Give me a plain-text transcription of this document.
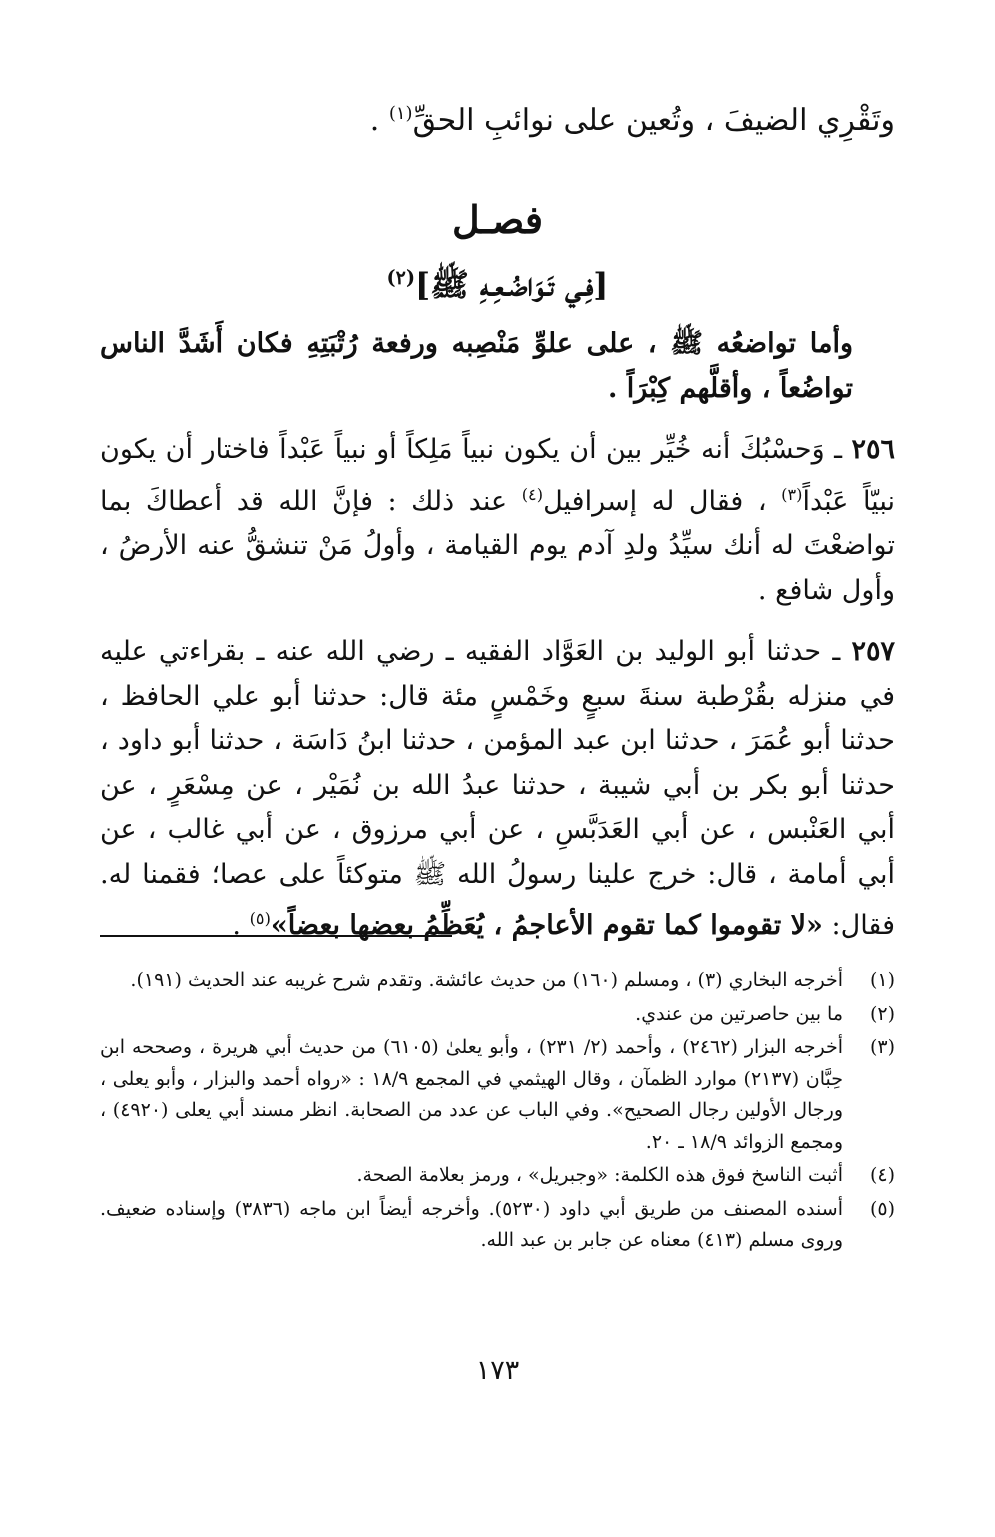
وتَقْرِي الضيفَ ، وتُعين على نوائبِ الحقِّ$^{(١)}$ .

فصـل
[فِـي تَـوَاضُـعِـهِ ﷺ]$^{(٢)}$

وأما تواضعُه ﷺ ، على علوِّ مَنْصِبه ورفعة رُتْبَتِهِ فكان أَشَدَّ الناس تواضُعاً ، وأقلَّهم كِبْرَاً .

٢٥٦ ـ وَحسْبُكَ أنه خُيِّر بين أن يكون نبياً مَلِكاً أو نبياً عَبْداً فاختار أن يكون نبيّاً عَبْداً$^{(٣)}$ ، فقال له إسرافيل$^{(٤)}$ عند ذلك : فإنَّ الله قد أعطاكَ بما تواضعْتَ له أنك سيِّدُ ولدِ آدم يوم القيامة ، وأولُ مَنْ تنشقُّ عنه الأرضُ ، وأول شافع .

٢٥٧ ـ حدثنا أبو الوليد بن العَوَّاد الفقيه ـ رضي الله عنه ـ بقراءتي عليه في منزله بقُرْطبة سنةَ سبعٍ وخَمْسٍ مئة قال: حدثنا أبو علي الحافظ ، حدثنا أبو عُمَرَ ، حدثنا ابن عبد المؤمن ، حدثنا ابنُ دَاسَة ، حدثنا أبو داود ، حدثنا أبو بكر بن أبي شيبة ، حدثنا عبدُ الله بن نُمَيْر ، عن مِسْعَرٍ ، عن أبي العَنْبس ، عن أبي العَدَبَّسِ ، عن أبي مرزوق ، عن أبي غالب ، عن أبي أمامة ، قال: خرج علينا رسولُ الله ﷺ متوكئاً على عصا؛ فقمنا له. فقال: «لا تقوموا كما تقوم الأعاجمُ ، يُعَظِّمُ بعضها بعضاً»$^{(٥)}$ .

(١)
أخرجه البخاري (٣) ، ومسلم (١٦٠) من حديث عائشة. وتقدم شرح غريبه عند الحديث (١٩١).
(٢)
ما بين حاصرتين من عندي.
(٣)
أخرجه البزار (٢٤٦٢) ، وأحمد (٢/ ٢٣١) ، وأبو يعلىٰ (٦١٠٥) من حديث أبي هريرة ، وصححه ابن حِبَّان (٢١٣٧) موارد الظمآن ، وقال الهيثمي في المجمع ١٨/٩ : «رواه أحمد والبزار ، وأبو يعلى ، ورجال الأولين رجال الصحيح». وفي الباب عن عدد من الصحابة. انظر مسند أبي يعلى (٤٩٢٠) ، ومجمع الزوائد ١٨/٩ ـ ٢٠.
(٤)
أثبت الناسخ فوق هذه الكلمة: «وجبريل» ، ورمز بعلامة الصحة.
(٥)
أسنده المصنف من طريق أبي داود (٥٢٣٠). وأخرجه أيضاً ابن ماجه (٣٨٣٦) وإسناده ضعيف. وروى مسلم (٤١٣) معناه عن جابر بن عبد الله.
١٧٣
